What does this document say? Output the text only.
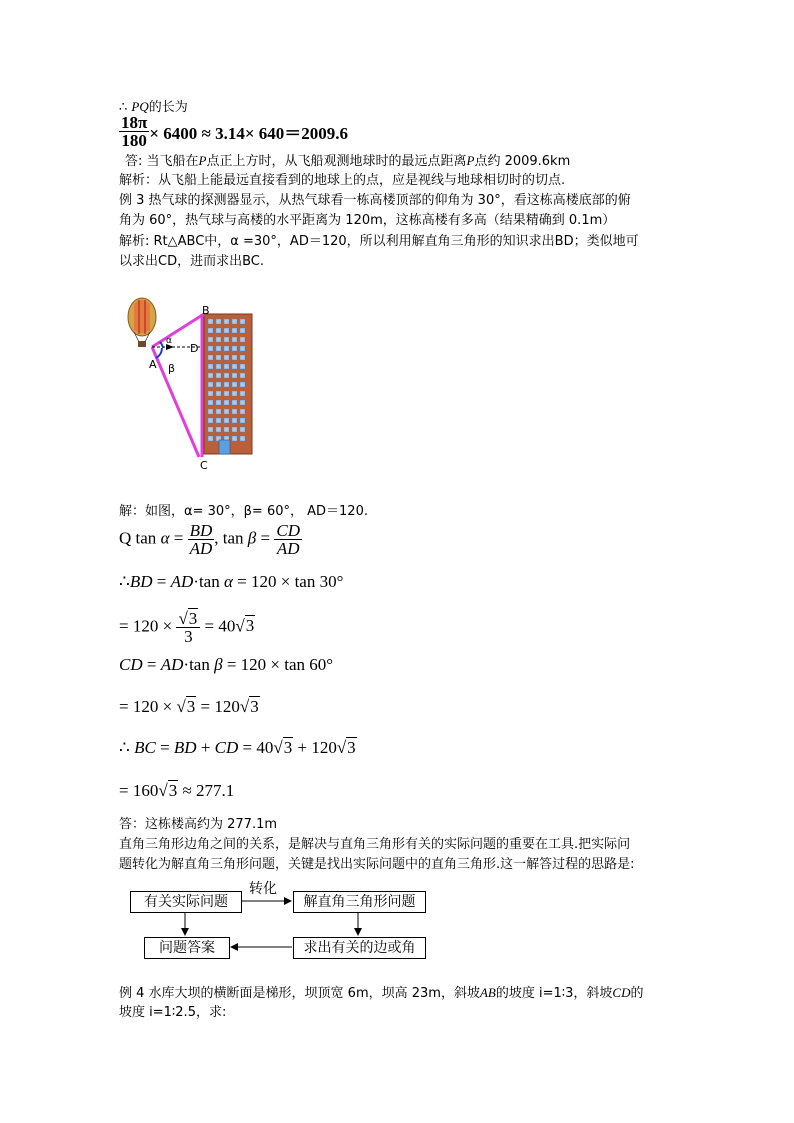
∴ PQ的长为
$\frac{18\pi}{180} \times 6400 \approx 3.14\times 640=2009.6$
答: 当飞船在P点正上方时，从飞船观测地球时的最远点距离P点约 2009.6km
解析：从飞船上能最远直接看到的地球上的点，应是视线与地球相切时的切点.
例 3 热气球的探测器显示，从热气球看一栋高楼顶部的仰角为 30°，看这栋高楼底部的俯
角为 60°，热气球与高楼的水平距离为 120m，这栋高楼有多高（结果精确到 0.1m）
解析: Rt△ABC中，α =30°，AD＝120，所以利用解直角三角形的知识求出BD；类似地可
以求出CD，进而求出BC.
B
D
A
C
α
β
解：如图，α= 30°，β= 60°， AD＝120.
Q $\tan \alpha = \frac{BD}{AD}$ , $\tan \beta = \frac{CD}{AD}$
∴BD = AD·tan α = 120 × tan 30°
= $120 \times \frac{√3}{3} = 40√3$
CD = AD·tan β = 120 × tan 60°
= 120 × √3 = 120√3
∴ BC = BD + CD = 40√3 + 120√3
= 160√3 ≈ 277.1
答：这栋楼高约为 277.1m
直角三角形边角之间的关系，是解决与直角三角形有关的实际问题的重要在工具.把实际问
题转化为解直角三角形问题，关键是找出实际问题中的直角三角形.这一解答过程的思路是:
有关实际问题	解直角三角形问题
问题答案	求出有关的边或角
转化
例 4 水库大坝的横断面是梯形，坝顶宽 6m，坝高 23m，斜坡AB的坡度 i=1∶3，斜坡CD的
坡度 i=1∶2.5，求:
